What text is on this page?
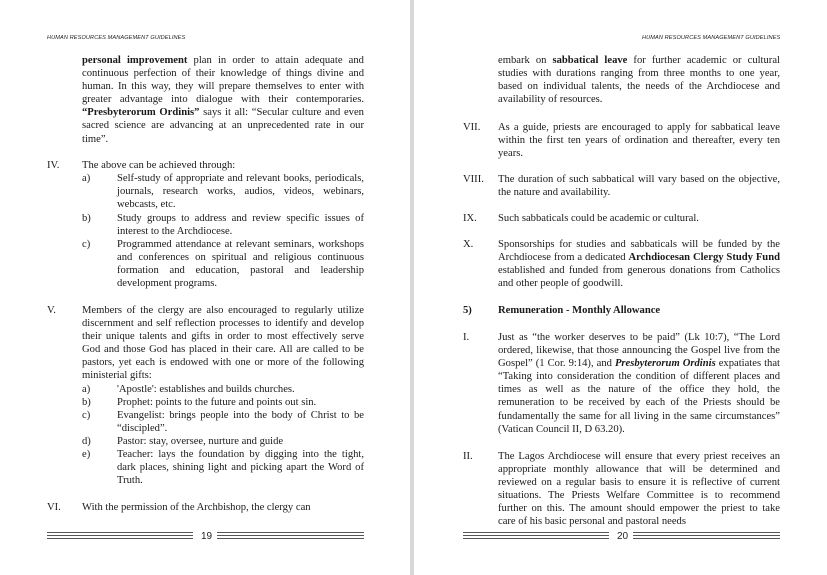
HUMAN RESOURCES MANAGEMENT GUIDELINES
personal improvement plan in order to attain adequate and continuous perfection of their knowledge of things divine and human. In this way, they will prepare themselves to enter with greater advantage into dialogue with their contemporaries. “Presbyterorum Ordinis” says it all: “Secular culture and even sacred science are advancing at an unprecedented rate in our time”.
IV. The above can be achieved through:
a)	Self-study of appropriate and relevant books, periodicals, journals, research works, audios, videos, webinars, webcasts, etc.
b) Study groups to address and review specific issues of interest to the Archdiocese.
c)	Programmed attendance at relevant seminars, workshops and conferences on spiritual and religious continuous formation and education, pastoral and leadership development programs.
V. Members of the clergy are also encouraged to regularly utilize discernment and self reflection processes to identify and develop their unique talents and gifts in order to most effectively serve God and those God has placed in their care. All are called to be pastors, yet each is endowed with one or more of the following ministerial gifts:
a)	'Apostle': establishes and builds churches.
b) Prophet: points to the future and points out sin.
c)	Evangelist: brings people into the body of Christ to be “discipled”.
d) Pastor: stay, oversee, nurture and guide
e)	Teacher: lays the foundation by digging into the tight, dark places, shining light and picking apart the Word of Truth.
VI. With the permission of the Archbishop, the clergy can
19
HUMAN RESOURCES MANAGEMENT GUIDELINES
embark on sabbatical leave for further academic or cultural studies with durations ranging from three months to one year, based on individual talents, the needs of the Archdiocese and availability of resources.
VII. As a guide, priests are encouraged to apply for sabbatical leave within the first ten years of ordination and thereafter, every ten years.
VIII. The duration of such sabbatical will vary based on the objective, the nature and availability.
IX. Such sabbaticals could be academic or cultural.
X. Sponsorships for studies and sabbaticals will be funded by the Archdiocese from a dedicated Archdiocesan Clergy Study Fund established and funded from generous donations from Catholics and other people of goodwill.
5) Remuneration - Monthly Allowance
I.	Just as “the worker deserves to be paid” (Lk 10:7), “The Lord ordered, likewise, that those announcing the Gospel live from the Gospel” (1 Cor. 9:14), and Presbyterorum Ordinis expatiates that “Taking into consideration the condition of different places and times as well as the nature of the office they hold, the remuneration to be received by each of the Priests should be fundamentally the same for all living in the same circumstances” (Vatican Council II, D 63.20).
II. The Lagos Archdiocese will ensure that every priest receives an appropriate monthly allowance that will be determined and reviewed on a regular basis to ensure it is reflective of current situations. The Priests Welfare Committee is to recommend further on this. The amount should empower the priest to take care of his basic personal and pastoral needs
20
